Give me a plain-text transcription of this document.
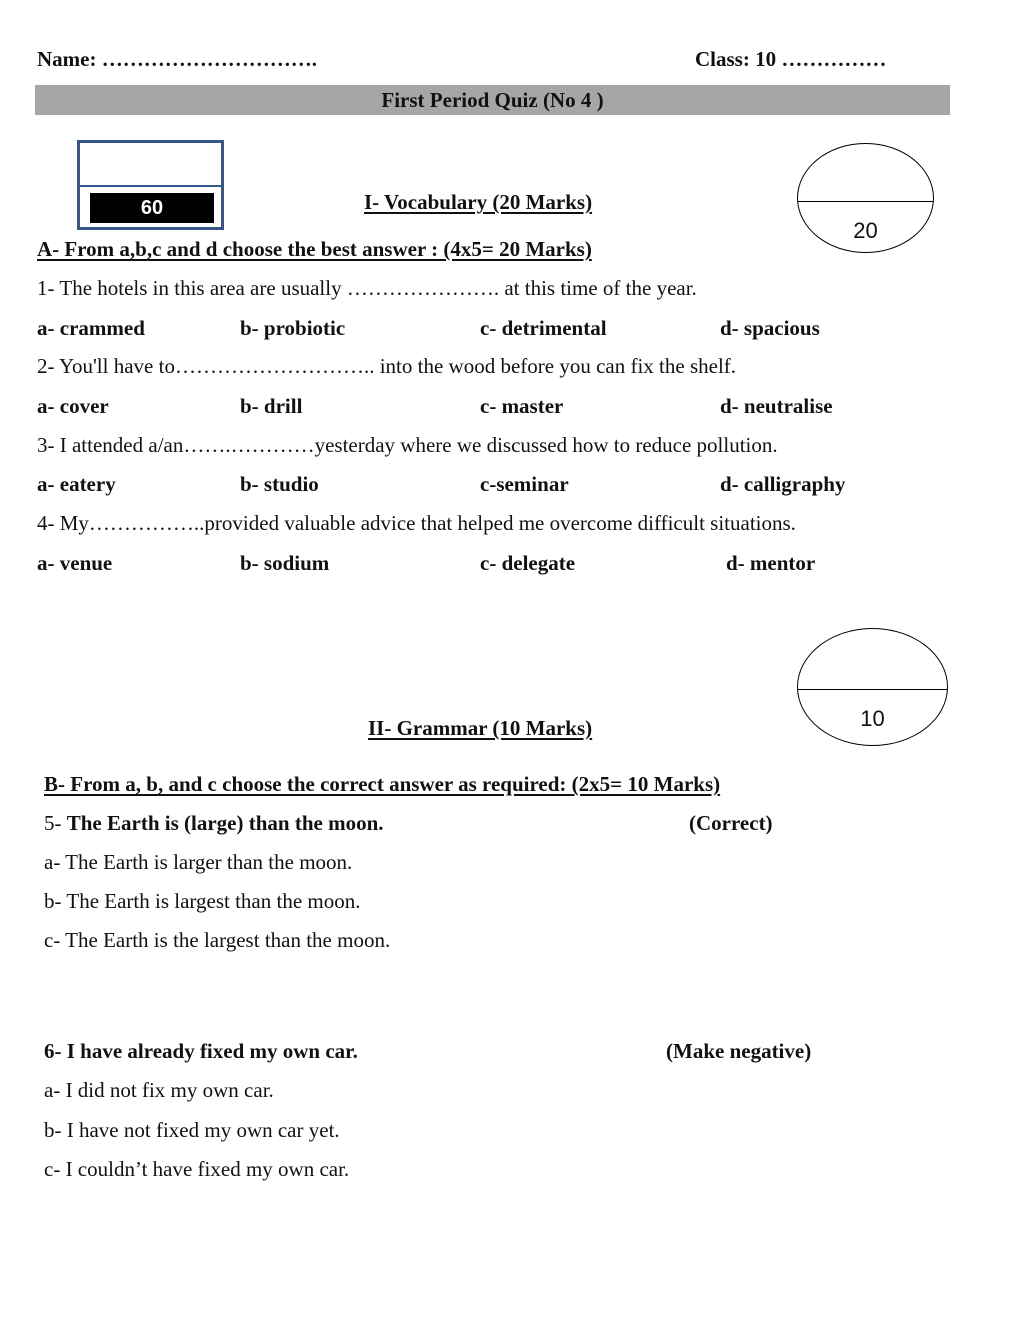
Name: ………………………….	Class: 10 ……………
First Period Quiz (No 4 )
60
20
I- Vocabulary (20 Marks)
A- From a,b,c and d choose the best answer : (4x5= 20 Marks)
1- The hotels in this area are usually …………………. at this time of the year.
a- crammed	b- probiotic	c- detrimental	d- spacious
2- You'll have to……………………….. into the wood before you can fix the shelf.
a- cover	b- drill	c- master	d- neutralise
3- I attended a/an…….…………yesterday where we discussed how to reduce pollution.
a- eatery	b- studio	c-seminar	d- calligraphy
4- My……………..provided valuable advice that helped me overcome difficult situations.
a- venue	b- sodium	c- delegate	d- mentor
10
II- Grammar (10 Marks)
B- From a, b, and c choose the correct answer as required: (2x5= 10 Marks)
5- The Earth is (large) than the moon.	(Correct)
a- The Earth is larger than the moon.
b- The Earth is largest than the moon.
c- The Earth is the largest than the moon.
6- I have already fixed my own car.	(Make negative)
a- I did not fix my own car.
b- I have not fixed my own car yet.
c- I couldn’t have fixed my own car.
